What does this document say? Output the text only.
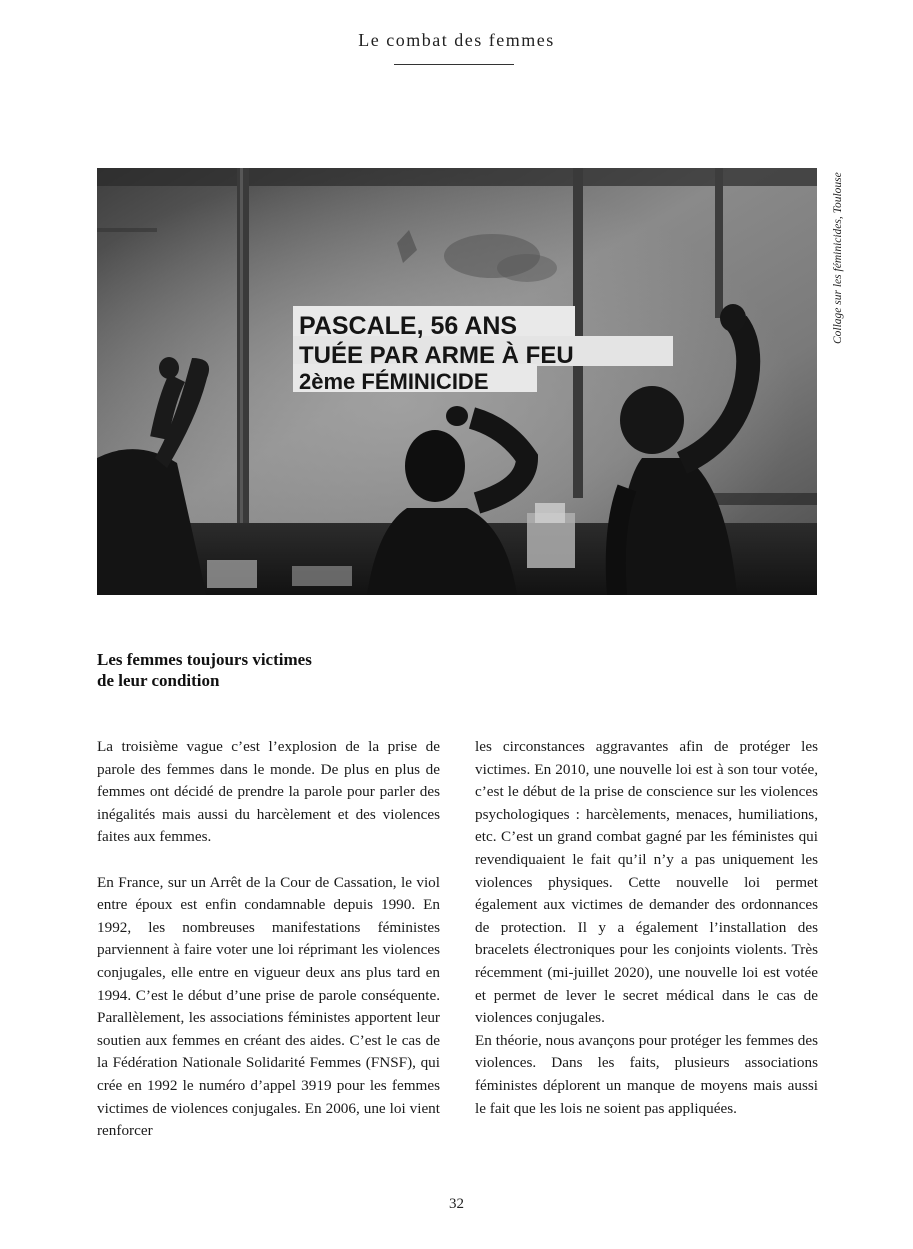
Le combat des femmes
PASCALE, 56 ANS
TUÉE PAR ARME À FEU
2ème FÉMINICIDE
Collage sur les féminicides, Toulouse
Les femmes toujours victimes
de leur condition

La troisième vague c’est l’explosion de la prise de parole des femmes dans le monde. De plus en plus de femmes ont décidé de prendre la parole pour parler des inégalités mais aussi du harcèlement et des violences faites aux femmes.

En France, sur un Arrêt de la Cour de Cassation, le viol entre époux est enfin condamnable depuis 1990. En 1992, les nombreuses manifestations féministes parviennent à faire voter une loi réprimant les violences conjugales, elle entre en vigueur deux ans plus tard en 1994. C’est le début d’une prise de parole conséquente. Parallèlement, les associations féministes apportent leur soutien aux femmes en créant des aides. C’est le cas de la Fédération Nationale Solidarité Femmes (FNSF), qui crée en 1992 le numéro d’appel 3919 pour les femmes victimes de violences conjugales. En 2006, une loi vient renforcer

les circonstances aggravantes afin de protéger les victimes. En 2010, une nouvelle loi est à son tour votée, c’est le début de la prise de conscience sur les violences psychologiques : harcèlements, menaces, humiliations, etc. C’est un grand combat gagné par les féministes qui revendiquaient le fait qu’il n’y a pas uniquement les violences physiques. Cette nouvelle loi permet également aux victimes de demander des ordonnances de protection. Il y a également l’installation des bracelets électroniques pour les conjoints violents. Très récemment (mi-juillet 2020), une nouvelle loi est votée et permet de lever le secret médical dans le cas de violences conjugales.

En théorie, nous avançons pour protéger les femmes des violences. Dans les faits, plusieurs associations féministes déplorent un manque de moyens mais aussi le fait que les lois ne soient pas appliquées.

32
